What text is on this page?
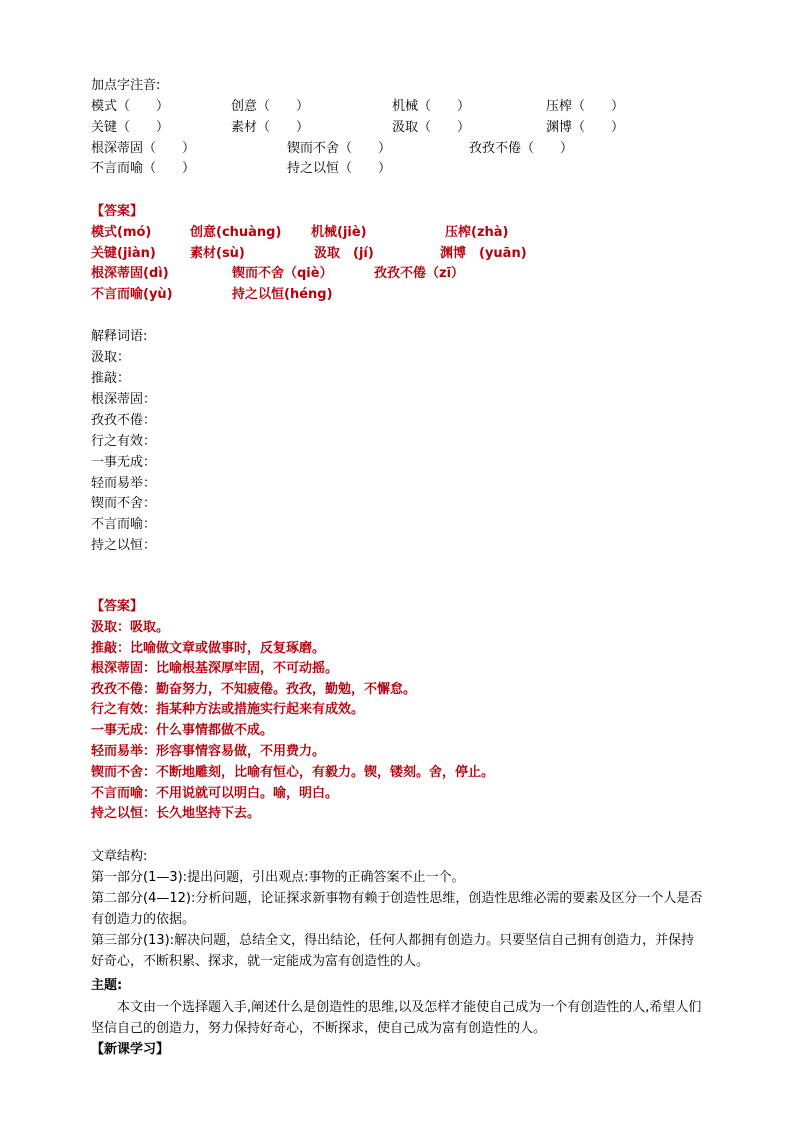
加点字注音:
模式（　　）	创意（　　）	机械（　　）	压榨（　　）
关键（　　）	素材（　　）	汲取（　　）	渊博（　　）
根深蒂固（　　）	锲而不舍（　　）	孜孜不倦（　　）
不言而喻（　　）	持之以恒（　　）
【答案】
模式(mó)	创意(chuàng) 机械(jiè)	压榨(zhà)
关键(jiàn)	素材(sù)	汲取　(jí)	渊博　(yuān)
根深蒂固(dì)	锲而不舍（qiè）	孜孜不倦（zī）
不言而喻(yù)	持之以恒(héng)
解释词语:
汲取：
推敲：
根深蒂固：
孜孜不倦：
行之有效：
一事无成：
轻而易举：
锲而不舍：
不言而喻：
持之以恒：
【答案】
汲取：吸取。
推敲：比喻做文章或做事时，反复琢磨。
根深蒂固：比喻根基深厚牢固，不可动摇。
孜孜不倦：勤奋努力，不知疲倦。孜孜，勤勉，不懈怠。
行之有效：指某种方法或措施实行起来有成效。
一事无成：什么事情都做不成。
轻而易举：形容事情容易做，不用费力。
锲而不舍：不断地雕刻，比喻有恒心，有毅力。锲，镂刻。舍，停止。
不言而喻：不用说就可以明白。喻，明白。
持之以恒：长久地坚持下去。
文章结构:
第一部分(1—3):提出问题，引出观点:事物的正确答案不止一个。
第二部分(4—12):分析问题，论证探求新事物有赖于创造性思维，创造性思维必需的要素及区分一个人是否有创造力的依据。
第三部分(13):解决问题，总结全文，得出结论，任何人都拥有创造力。只要坚信自己拥有创造力，并保持好奇心，不断积累、探求，就一定能成为富有创造性的人。
主题:
本文由一个选择题入手,阐述什么是创造性的思维,以及怎样才能使自己成为一个有创造性的人,希望人们坚信自己的创造力，努力保持好奇心，不断探求，使自己成为富有创造性的人。
【新课学习】
